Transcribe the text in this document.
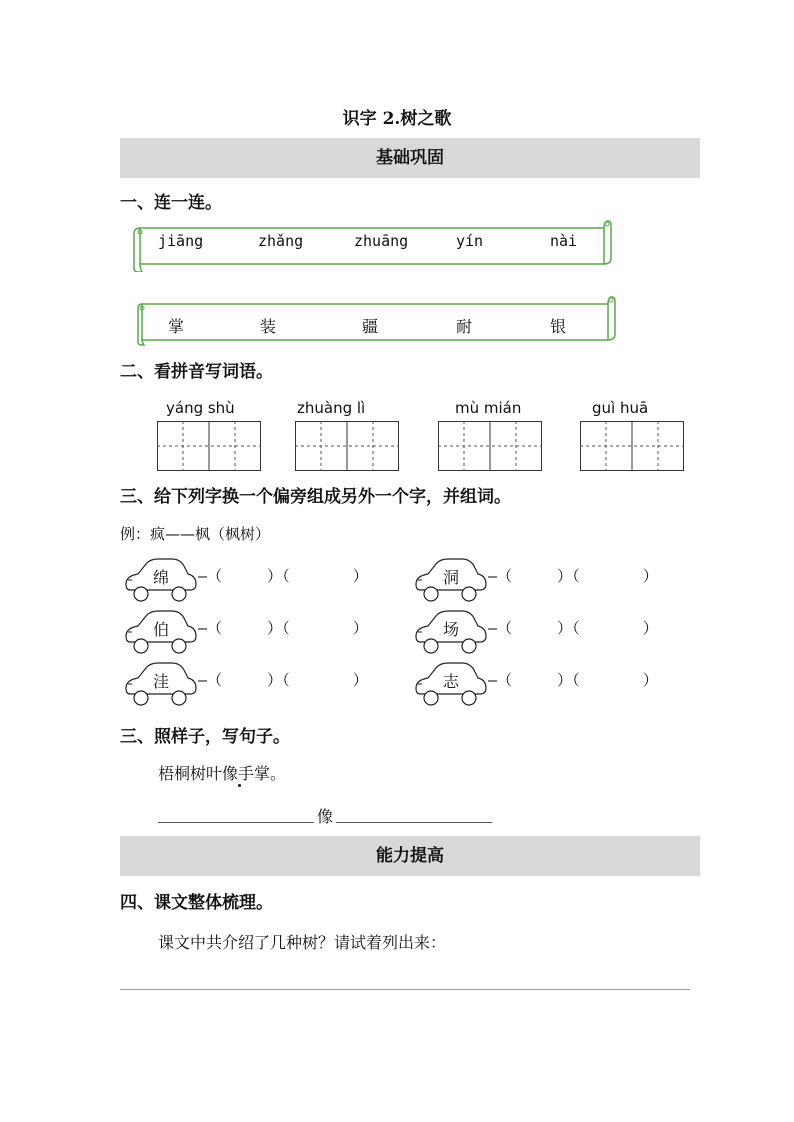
识字 2.树之歌
基础巩固
一、连一连。
jiāng	zhǎng	zhuāng	yín	nài
掌	装	疆	耐	银
二、看拼音写词语。
yáng shù	zhuàng lì	mù mián	guì huā
三、给下列字换一个偏旁组成另外一个字，并组词。
例：疯——枫（枫树）
绵	—（     ）（       ）	洞	—（     ）（       ）
伯	—（     ）（       ）	场	—（     ）（       ）
洼	—（     ）（       ）	志	—（     ）（       ）
三、照样子，写句子。
梧桐树叶像手掌。
像
能力提高
四、课文整体梳理。
课文中共介绍了几种树？请试着列出来：
